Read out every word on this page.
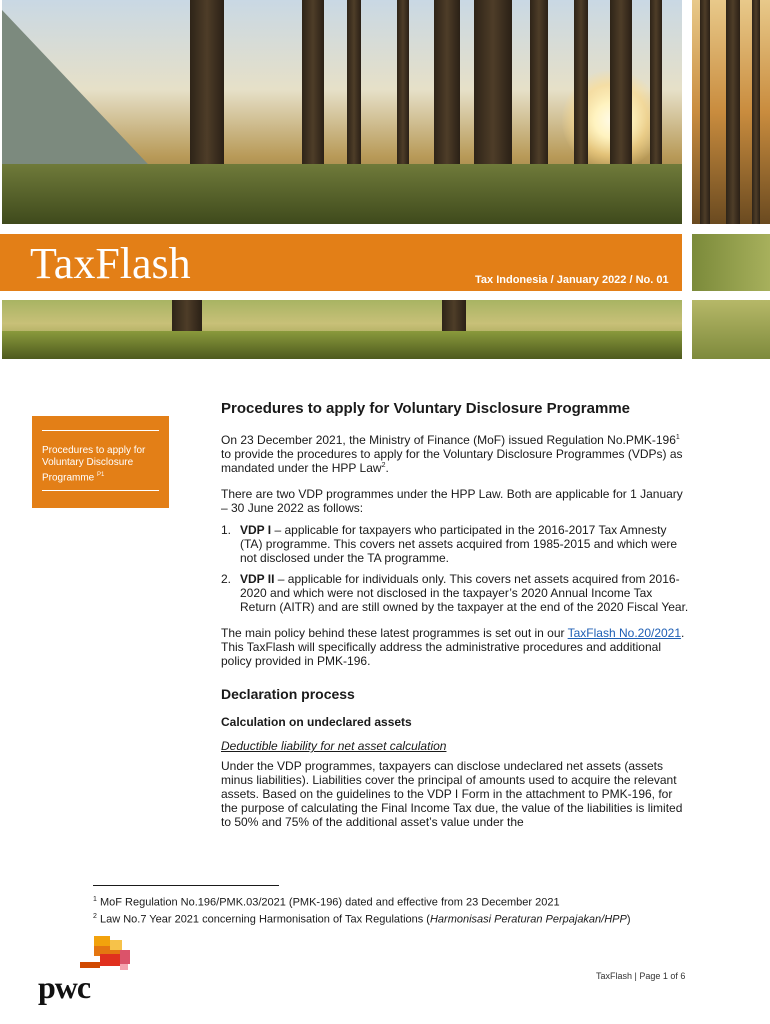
TaxFlash	Tax Indonesia / January 2022 / No. 01
Procedures to apply for Voluntary Disclosure Programme $^{P1}$
Procedures to apply for Voluntary Disclosure Programme
On 23 December 2021, the Ministry of Finance (MoF) issued Regulation $No.PMK-196^1$ to provide the procedures to apply for the Voluntary Disclosure Programmes (VDPs) as mandated under the HPP Law$^2$.
There are two VDP programmes under the HPP Law. Both are applicable for 1 January – 30 June 2022 as follows:
1. VDP I – applicable for taxpayers who participated in the 2016-2017 Tax Amnesty (TA) programme. This covers net assets acquired from 1985-2015 and which were not disclosed under the TA programme.
2. VDP II – applicable for individuals only. This covers net assets acquired from 2016-2020 and which were not disclosed in the taxpayer’s 2020 Annual Income Tax Return (AITR) and are still owned by the taxpayer at the end of the 2020 Fiscal Year.
The main policy behind these latest programmes is set out in our TaxFlash No.20/2021. This TaxFlash will specifically address the administrative procedures and additional policy provided in PMK-196.
Declaration process
Calculation on undeclared assets
Deductible liability for net asset calculation
Under the VDP programmes, taxpayers can disclose undeclared net assets (assets minus liabilities). Liabilities cover the principal of amounts used to acquire the relevant assets. Based on the guidelines to the VDP I Form in the attachment to PMK-196, for the purpose of calculating the Final Income Tax due, the value of the liabilities is limited to 50% and 75% of the additional asset’s value under the
$^1$ MoF Regulation No.196/PMK.03/2021 (PMK-196) dated and effective from 23 December 2021
$^2$ Law No.7 Year 2021 concerning Harmonisation of Tax Regulations (Harmonisasi Peraturan Perpajakan/HPP)
pwc	TaxFlash | Page 1 of 6
